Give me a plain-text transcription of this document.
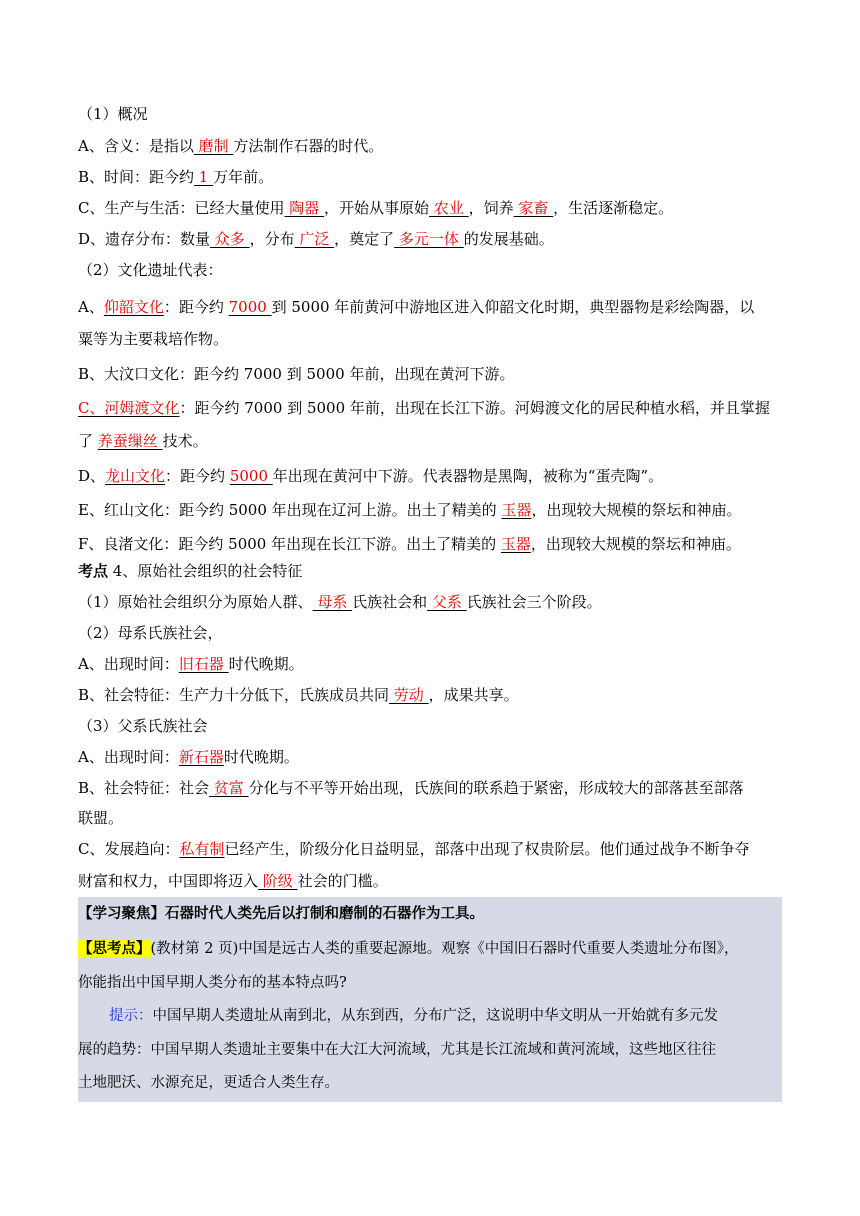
（1）概况
A、含义：是指以 磨制 方法制作石器的时代。
B、时间：距今约 1 万年前。
C、生产与生活：已经大量使用 陶器 ，开始从事原始 农业 ，饲养 家畜 ，生活逐渐稳定。
D、遗存分布：数量 众多 ，分布 广泛 ，奠定了 多元一体 的发展基础。
（2）文化遗址代表：
A、仰韶文化：距今约 7000 到 5000 年前黄河中游地区进入仰韶文化时期，典型器物是彩绘陶器，以
粟等为主要栽培作物。
B、大汶口文化：距今约 7000 到 5000 年前，出现在黄河下游。
C、河姆渡文化：距今约 7000 到 5000 年前，出现在长江下游。河姆渡文化的居民种植水稻，并且掌握
了 养蚕缫丝 技术。
D、龙山文化：距今约 5000 年出现在黄河中下游。代表器物是黑陶，被称为“蛋壳陶”。
E、红山文化：距今约 5000 年出现在辽河上游。出土了精美的 玉器，出现较大规模的祭坛和神庙。
F、良渚文化：距今约 5000 年出现在长江下游。出土了精美的 玉器，出现较大规模的祭坛和神庙。
考点 4、原始社会组织的社会特征
（1）原始社会组织分为原始人群、 母系 氏族社会和 父系 氏族社会三个阶段。
（2）母系氏族社会，
A、出现时间：旧石器 时代晚期。
B、社会特征：生产力十分低下，氏族成员共同 劳动 ，成果共享。
（3）父系氏族社会
A、出现时间：新石器时代晚期。
B、社会特征：社会 贫富 分化与不平等开始出现，氏族间的联系趋于紧密，形成较大的部落甚至部落
联盟。
C、发展趋向：私有制已经产生，阶级分化日益明显，部落中出现了权贵阶层。他们通过战争不断争夺
财富和权力，中国即将迈入 阶级 社会的门槛。
【学习聚焦】石器时代人类先后以打制和磨制的石器作为工具。
【思考点】(教材第 2 页)中国是远古人类的重要起源地。观察《中国旧石器时代重要人类遗址分布图》，
你能指出中国早期人类分布的基本特点吗?
提示：中国早期人类遗址从南到北，从东到西，分布广泛，这说明中华文明从一开始就有多元发
展的趋势：中国早期人类遗址主要集中在大江大河流域，尤其是长江流域和黄河流域，这些地区往往
土地肥沃、水源充足，更适合人类生存。
